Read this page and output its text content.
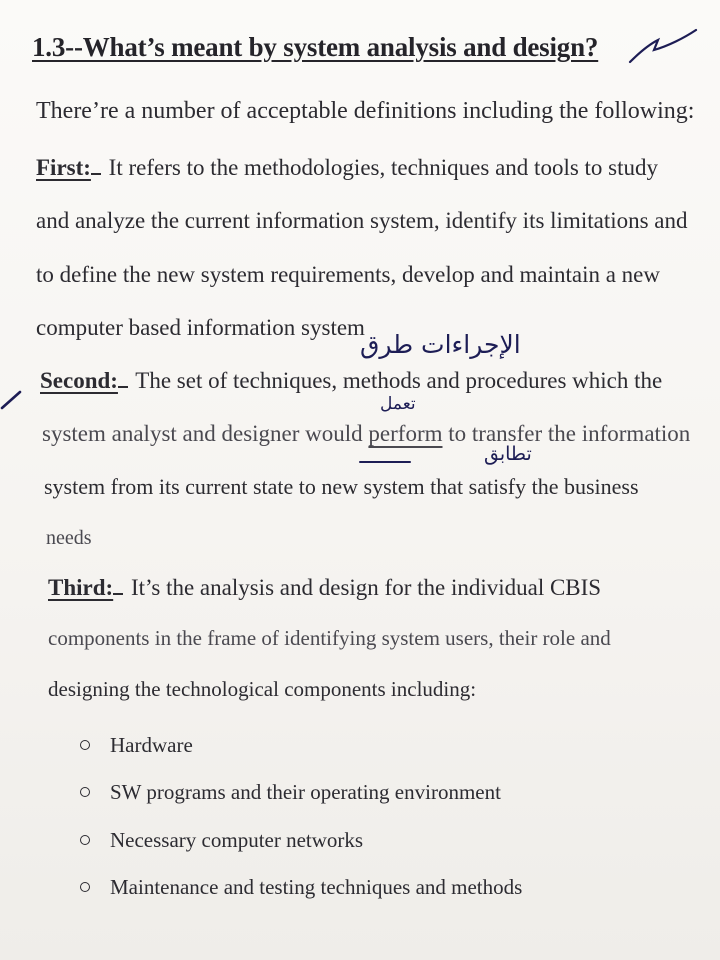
1.3--What’s meant by system analysis and design?
There’re a number of acceptable definitions including the following:
First: It refers to the methodologies, techniques and tools to study
and analyze the current information system, identify its limitations and
to define the new system requirements, develop and maintain a new
computer based information system
Second: The set of techniques, methods and procedures which the
system analyst and designer would perform to transfer the information
system from its current state to new system that satisfy the business
needs
Third: It’s the analysis and design for the individual CBIS
components in the frame of identifying system users, their role and
designing the technological components including:
Hardware
SW programs and their operating environment
Necessary computer networks
Maintenance and testing techniques and methods
الإجراءات طرق
تعمل
تطابق
